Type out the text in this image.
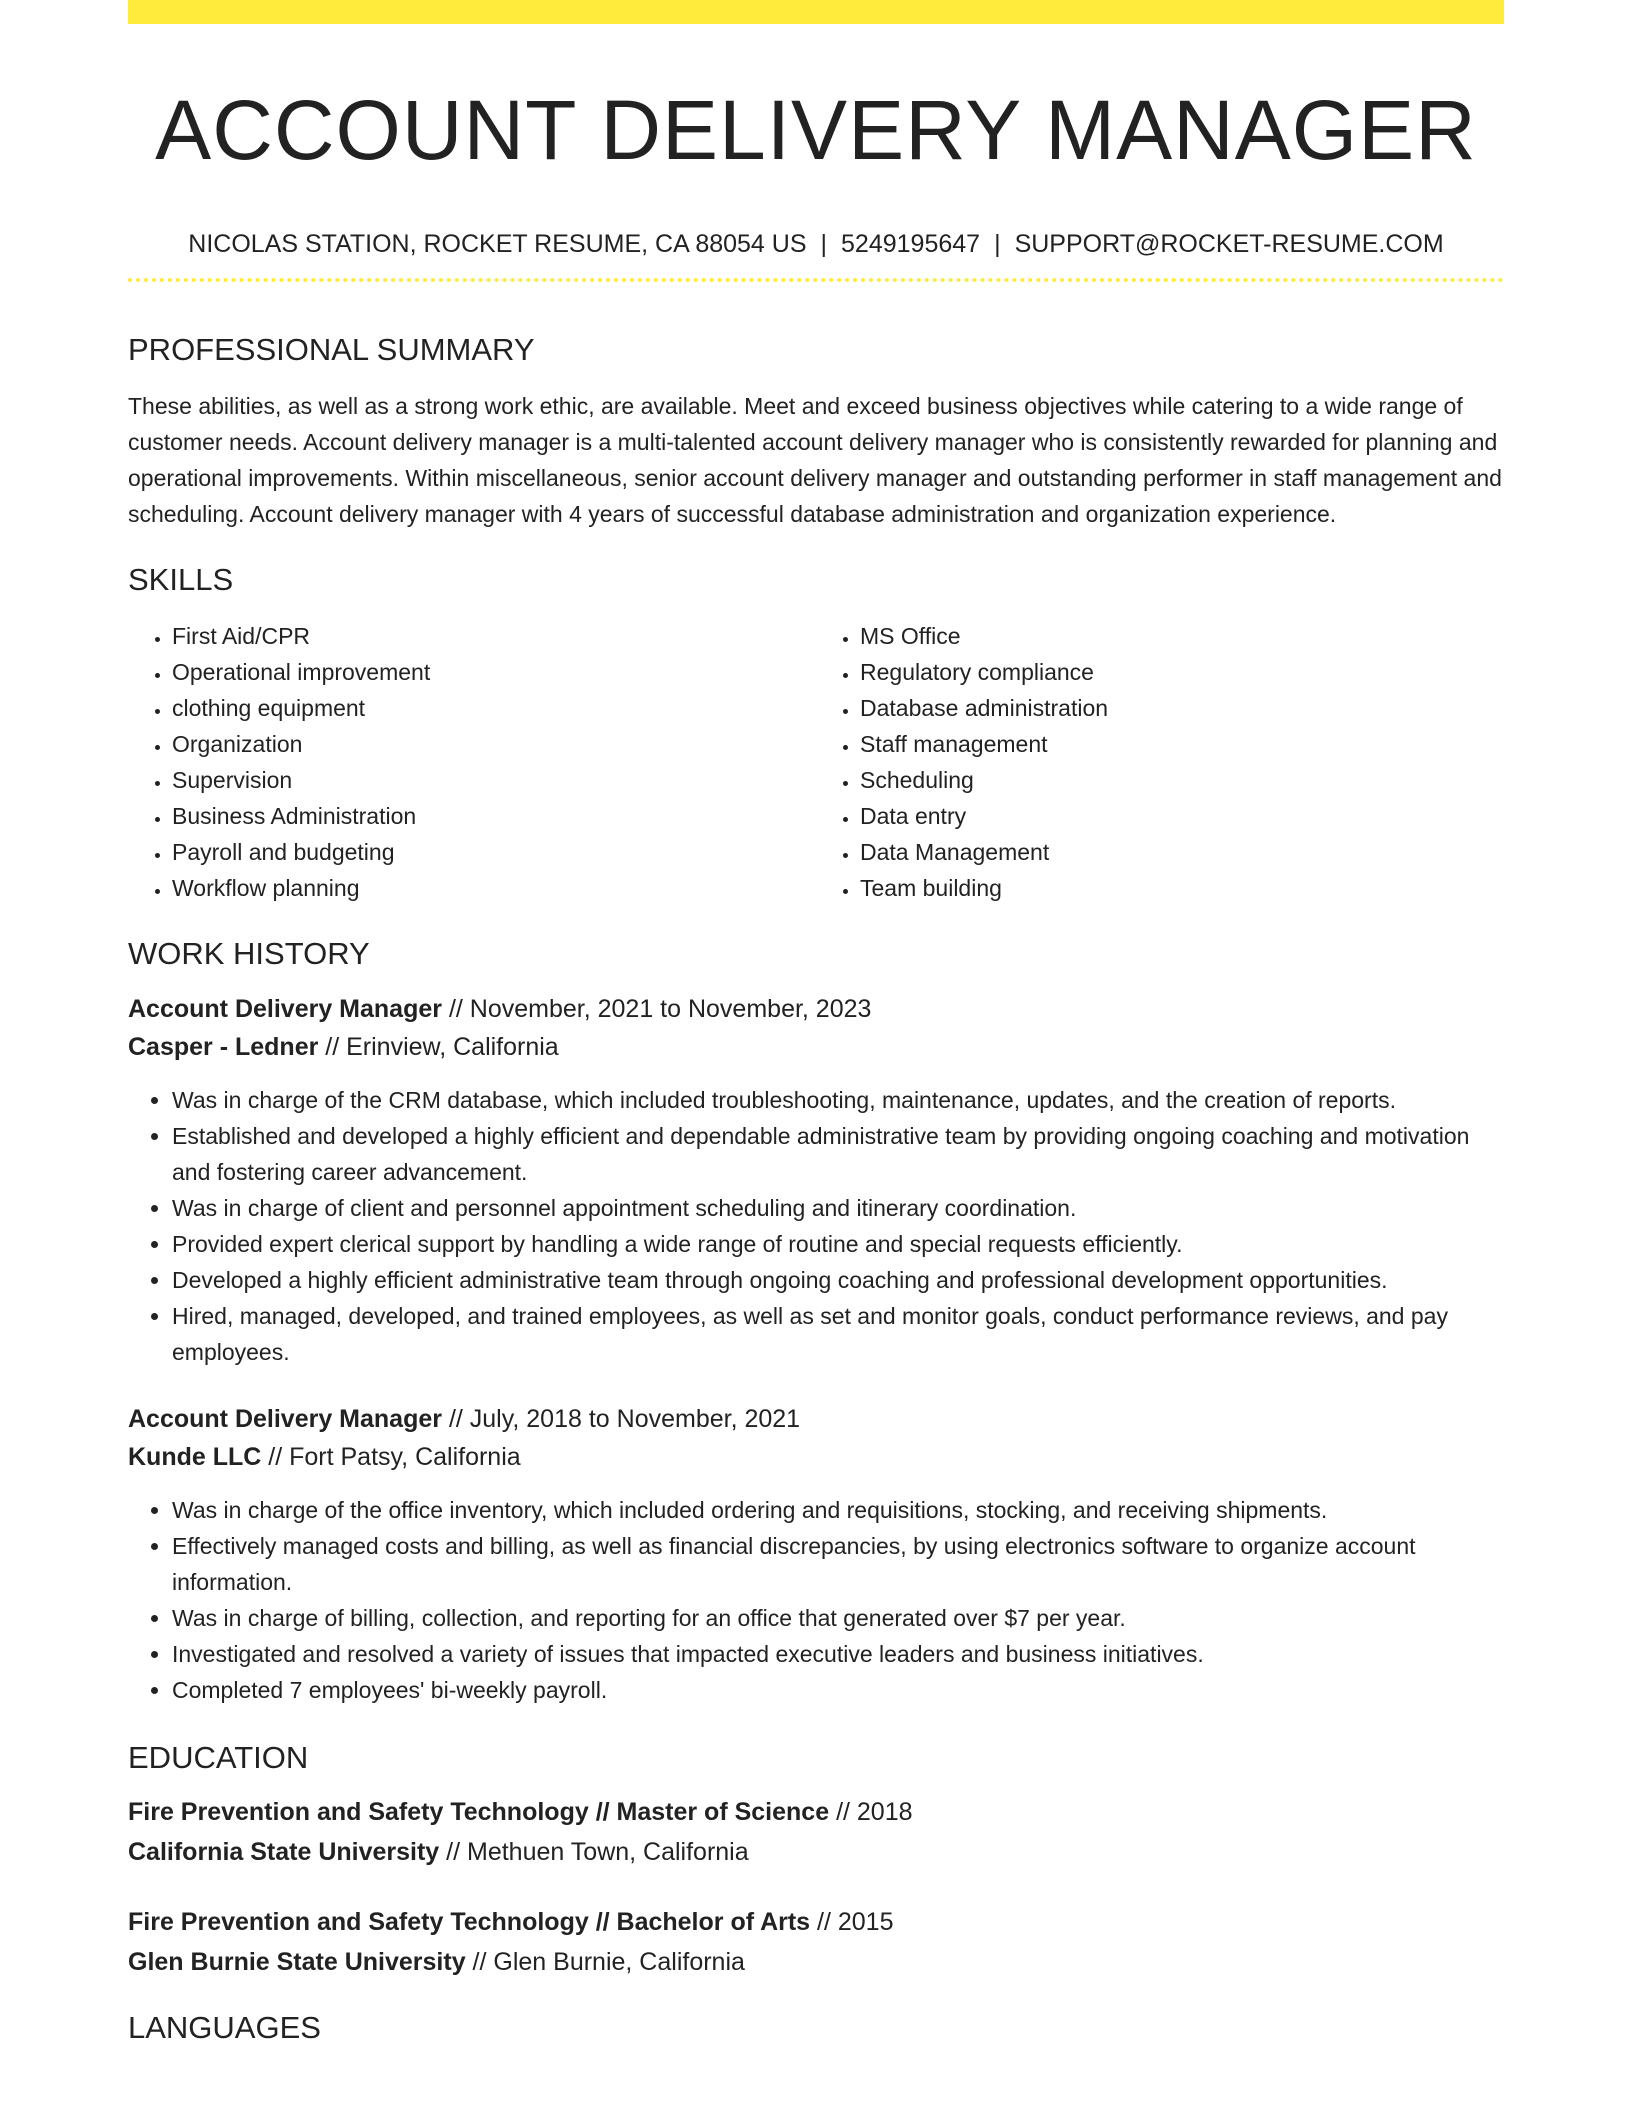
ACCOUNT DELIVERY MANAGER
NICOLAS STATION, ROCKET RESUME, CA 88054 US | 5249195647 | SUPPORT@ROCKET-RESUME.COM
PROFESSIONAL SUMMARY

These abilities, as well as a strong work ethic, are available. Meet and exceed business objectives while catering to a wide range of customer needs. Account delivery manager is a multi-talented account delivery manager who is consistently rewarded for planning and operational improvements. Within miscellaneous, senior account delivery manager and outstanding performer in staff management and scheduling. Account delivery manager with 4 years of successful database administration and organization experience.

SKILLS
• First Aid/CPR
• Operational improvement
• clothing equipment
• Organization
• Supervision
• Business Administration
• Payroll and budgeting
• Workflow planning
• MS Office
• Regulatory compliance
• Database administration
• Staff management
• Scheduling
• Data entry
• Data Management
• Team building
WORK HISTORY
Account Delivery Manager // November, 2021 to November, 2023
Casper - Ledner // Erinview, California
• Was in charge of the CRM database, which included troubleshooting, maintenance, updates, and the creation of reports.
• Established and developed a highly efficient and dependable administrative team by providing ongoing coaching and motivation and fostering career advancement.
• Was in charge of client and personnel appointment scheduling and itinerary coordination.
• Provided expert clerical support by handling a wide range of routine and special requests efficiently.
• Developed a highly efficient administrative team through ongoing coaching and professional development opportunities.
• Hired, managed, developed, and trained employees, as well as set and monitor goals, conduct performance reviews, and pay employees.
Account Delivery Manager // July, 2018 to November, 2021
Kunde LLC // Fort Patsy, California
• Was in charge of the office inventory, which included ordering and requisitions, stocking, and receiving shipments.
• Effectively managed costs and billing, as well as financial discrepancies, by using electronics software to organize account information.
• Was in charge of billing, collection, and reporting for an office that generated over $7 per year.
• Investigated and resolved a variety of issues that impacted executive leaders and business initiatives.
• Completed 7 employees' bi-weekly payroll.
EDUCATION
Fire Prevention and Safety Technology // Master of Science // 2018
California State University // Methuen Town, California
Fire Prevention and Safety Technology // Bachelor of Arts // 2015
Glen Burnie State University // Glen Burnie, California
LANGUAGES
